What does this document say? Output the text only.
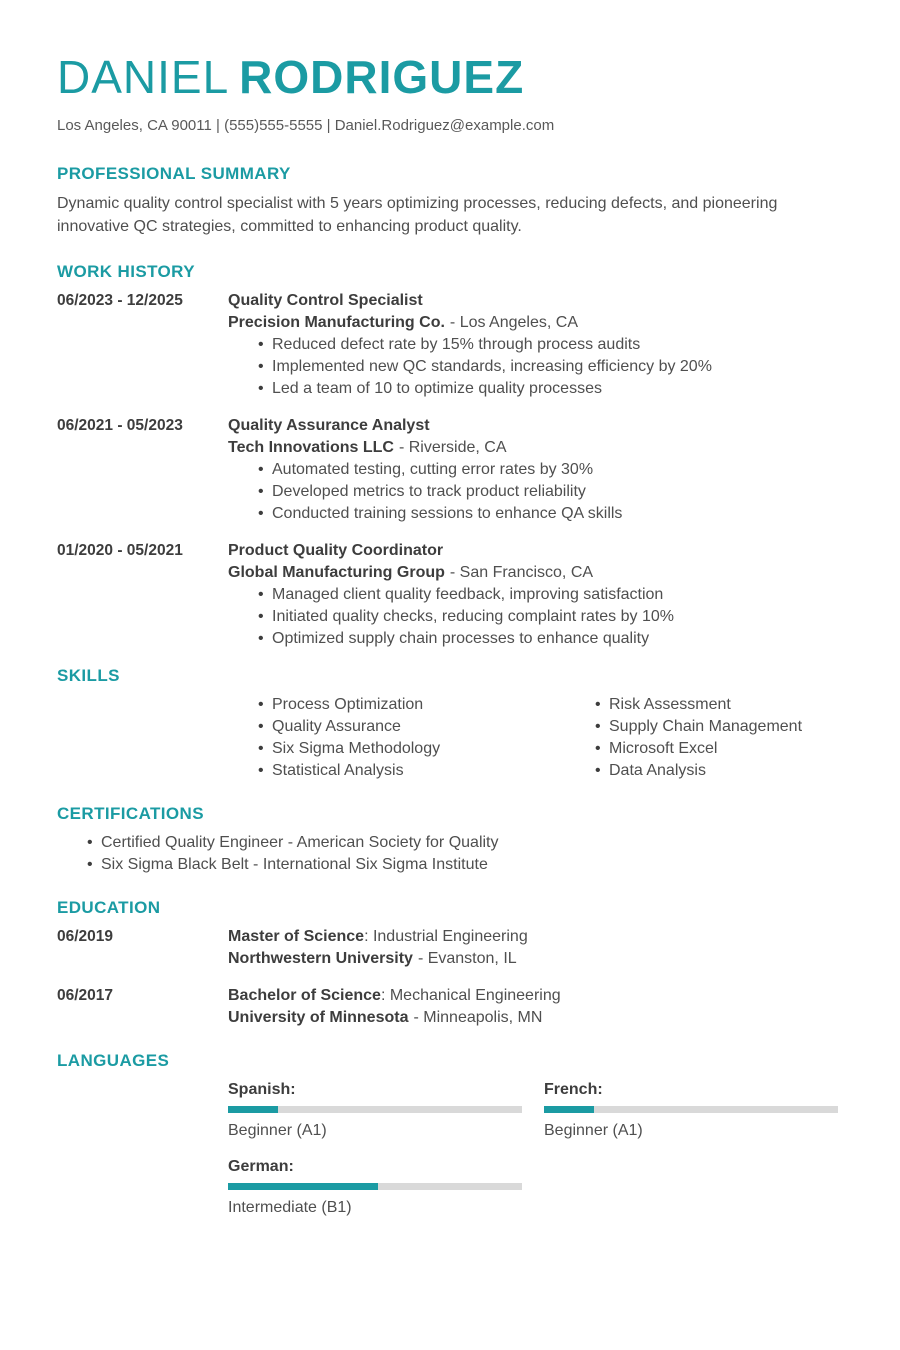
DANIEL RODRIGUEZ
Los Angeles, CA 90011 | (555)555-5555 | Daniel.Rodriguez@example.com
PROFESSIONAL SUMMARY

Dynamic quality control specialist with 5 years optimizing processes, reducing defects, and pioneering innovative QC strategies, committed to enhancing product quality.

WORK HISTORY
06/2023 - 12/2025	Quality Control Specialist
Precision Manufacturing Co. - Los Angeles, CA
• Reduced defect rate by 15% through process audits
• Implemented new QC standards, increasing efficiency by 20%
• Led a team of 10 to optimize quality processes
06/2021 - 05/2023	Quality Assurance Analyst
Tech Innovations LLC - Riverside, CA
• Automated testing, cutting error rates by 30%
• Developed metrics to track product reliability
• Conducted training sessions to enhance QA skills
01/2020 - 05/2021	Product Quality Coordinator
Global Manufacturing Group - San Francisco, CA
• Managed client quality feedback, improving satisfaction
• Initiated quality checks, reducing complaint rates by 10%
• Optimized supply chain processes to enhance quality
SKILLS
• Process Optimization
• Quality Assurance
• Six Sigma Methodology
• Statistical Analysis
• Risk Assessment
• Supply Chain Management
• Microsoft Excel
• Data Analysis
CERTIFICATIONS
• Certified Quality Engineer - American Society for Quality
• Six Sigma Black Belt - International Six Sigma Institute
EDUCATION
06/2019	Master of Science: Industrial Engineering
Northwestern University - Evanston, IL
06/2017	Bachelor of Science: Mechanical Engineering
University of Minnesota - Minneapolis, MN
LANGUAGES
Spanish:
Beginner (A1)
French:
Beginner (A1)
German:
Intermediate (B1)
